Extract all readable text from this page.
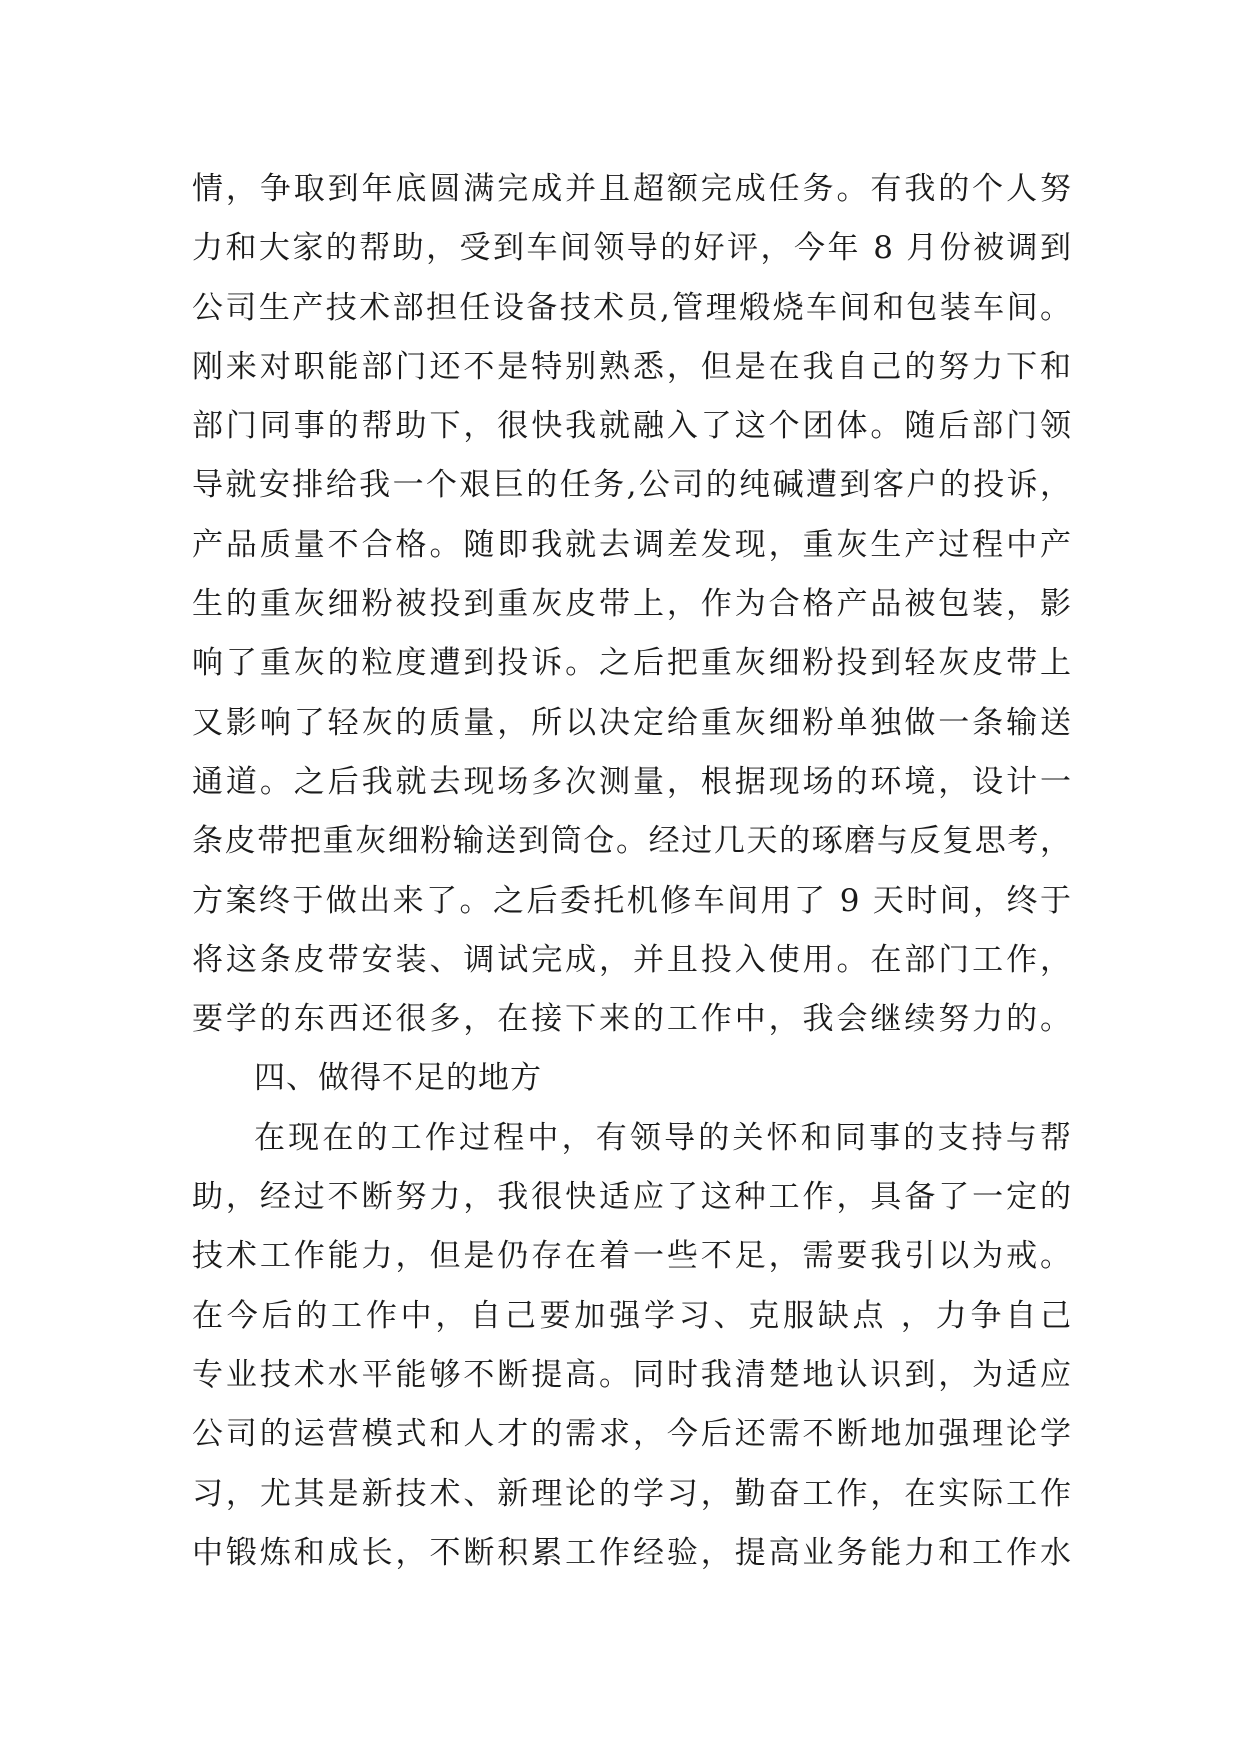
情，争取到年底圆满完成并且超额完成任务。有我的个人努
力和大家的帮助，受到车间领导的好评，今年 8 月份被调到
公司生产技术部担任设备技术员,管理煅烧车间和包装车间。
刚来对职能部门还不是特别熟悉，但是在我自己的努力下和
部门同事的帮助下，很快我就融入了这个团体。随后部门领
导就安排给我一个艰巨的任务,公司的纯碱遭到客户的投诉，
产品质量不合格。随即我就去调差发现，重灰生产过程中产
生的重灰细粉被投到重灰皮带上，作为合格产品被包装，影
响了重灰的粒度遭到投诉。之后把重灰细粉投到轻灰皮带上
又影响了轻灰的质量，所以决定给重灰细粉单独做一条输送
通道。之后我就去现场多次测量，根据现场的环境，设计一
条皮带把重灰细粉输送到筒仓。经过几天的琢磨与反复思考，
方案终于做出来了。之后委托机修车间用了 9 天时间，终于
将这条皮带安装、调试完成，并且投入使用。在部门工作，
要学的东西还很多，在接下来的工作中，我会继续努力的。
四、做得不足的地方
在现在的工作过程中，有领导的关怀和同事的支持与帮
助，经过不断努力，我很快适应了这种工作，具备了一定的
技术工作能力，但是仍存在着一些不足，需要我引以为戒。
在今后的工作中，自己要加强学习、克服缺点 ，力争自己
专业技术水平能够不断提高。同时我清楚地认识到，为适应
公司的运营模式和人才的需求，今后还需不断地加强理论学
习，尤其是新技术、新理论的学习，勤奋工作，在实际工作
中锻炼和成长，不断积累工作经验，提高业务能力和工作水
